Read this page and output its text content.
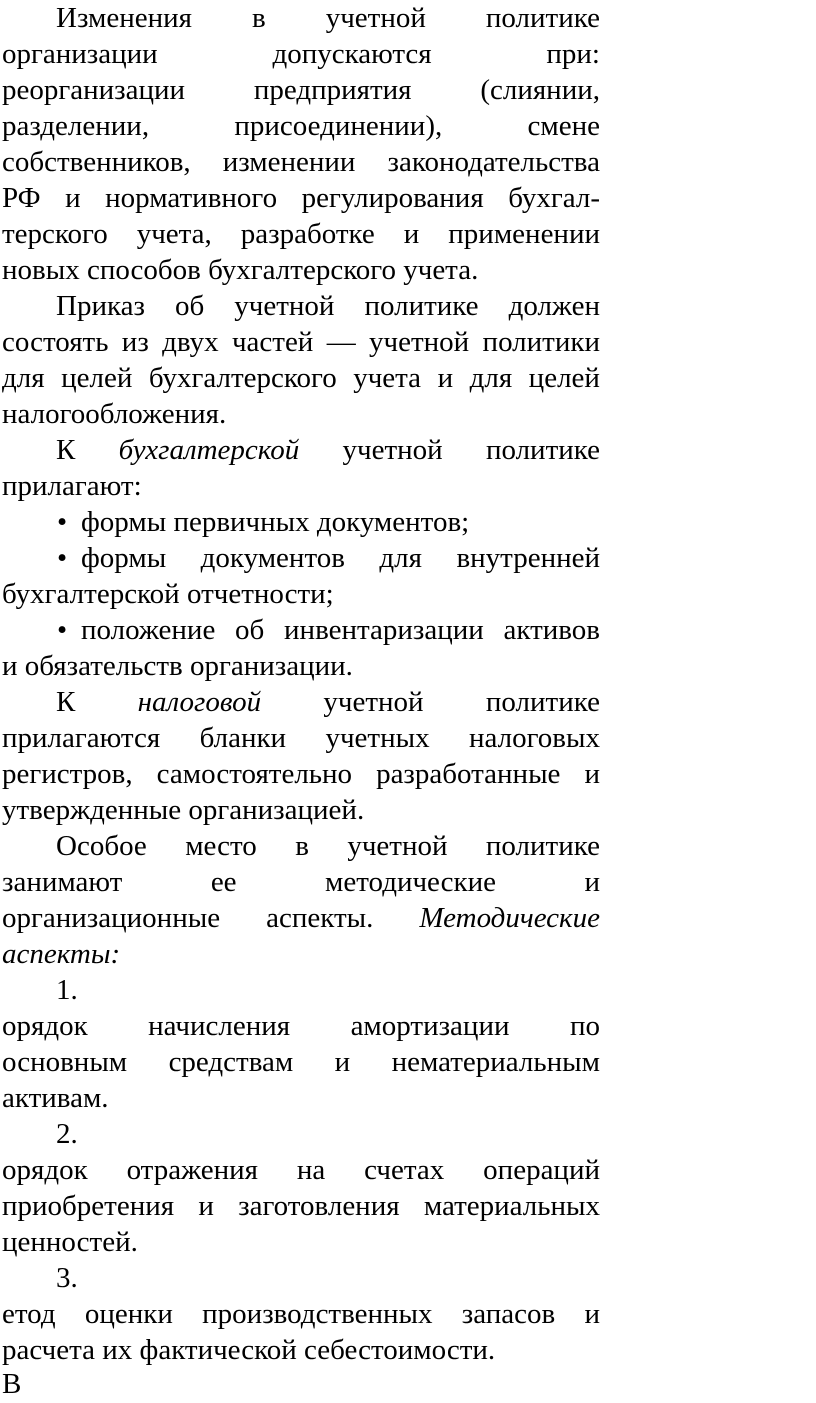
Изменения в учетной политике
организации	допускаются	при:
реорганизации предприятия (слиянии,
разделении,	присоединении),	смене
собственников, изменении законодательства
РФ и нормативного регулирования бухгал-
терского учета, разработке и применении
новых способов бухгалтерского учета.
Приказ об учетной политике должен
состоять из двух частей — учетной политики
для целей бухгалтерского учета и для целей
налогообложения.
К бухгалтерской учетной политике
прилагают:
• формы первичных документов;
• формы документов для внутренней
бухгалтерской отчетности;
• положение об инвентаризации активов
и обязательств организации.
К налоговой учетной политике
прилагаются бланки учетных налоговых
регистров, самостоятельно разработанные и
утвержденные организацией.
Особое место в учетной политике
занимают	ее	методические	и
организационные аспекты. Методические
аспекты:
1.
орядок начисления амортизации по
основным средствам и нематериальным
активам.
2.
орядок отражения на счетах операций
приобретения и заготовления материальных
ценностей.
3.
етод оценки производственных запасов и
расчета их фактической себестоимости.
В
